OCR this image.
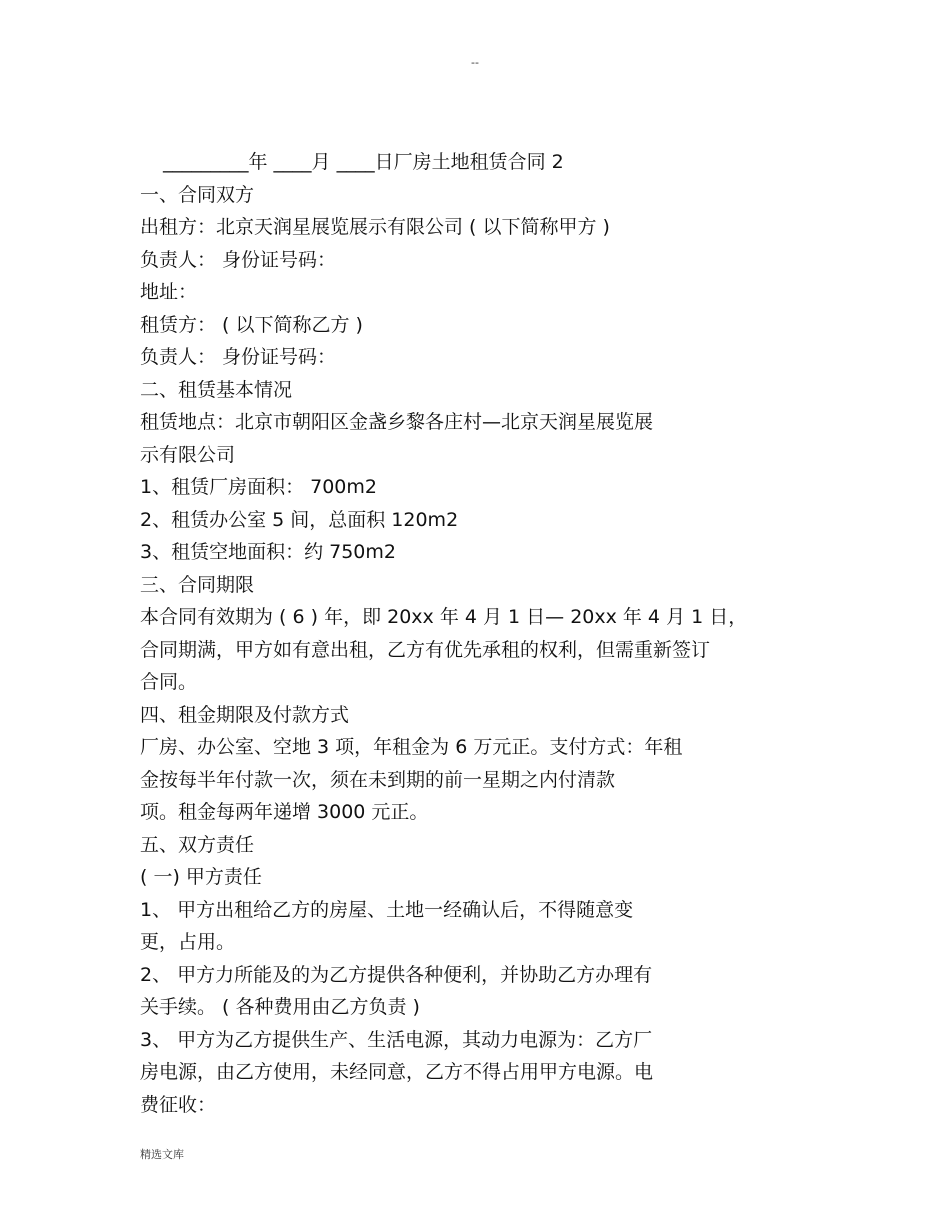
--
_________年 ____月 ____日厂房土地租赁合同 2
一、合同双方
出租方：北京天润星展览展示有限公司 ( 以下简称甲方 )
负责人： 身份证号码：
地址：
租赁方： ( 以下简称乙方 )
负责人： 身份证号码：
二、租赁基本情况
租赁地点：北京市朝阳区金盏乡黎各庄村—北京天润星展览展
示有限公司
1、租赁厂房面积： 700m2
2、租赁办公室 5 间，总面积 120m2
3、租赁空地面积：约 750m2
三、合同期限
本合同有效期为 ( 6 ) 年，即 20xx 年 4 月 1 日— 20xx 年 4 月 1 日，
合同期满，甲方如有意出租，乙方有优先承租的权利，但需重新签订
合同。
四、租金期限及付款方式
厂房、办公室、空地 3 项，年租金为 6 万元正。支付方式：年租
金按每半年付款一次，须在未到期的前一星期之内付清款
项。租金每两年递增 3000 元正。
五、双方责任
( 一) 甲方责任
1、 甲方出租给乙方的房屋、土地一经确认后，不得随意变
更，占用。
2、 甲方力所能及的为乙方提供各种便利，并协助乙方办理有
关手续。 ( 各种费用由乙方负责 )
3、 甲方为乙方提供生产、生活电源，其动力电源为：乙方厂
房电源，由乙方使用，未经同意，乙方不得占用甲方电源。电
费征收：
精选文库
